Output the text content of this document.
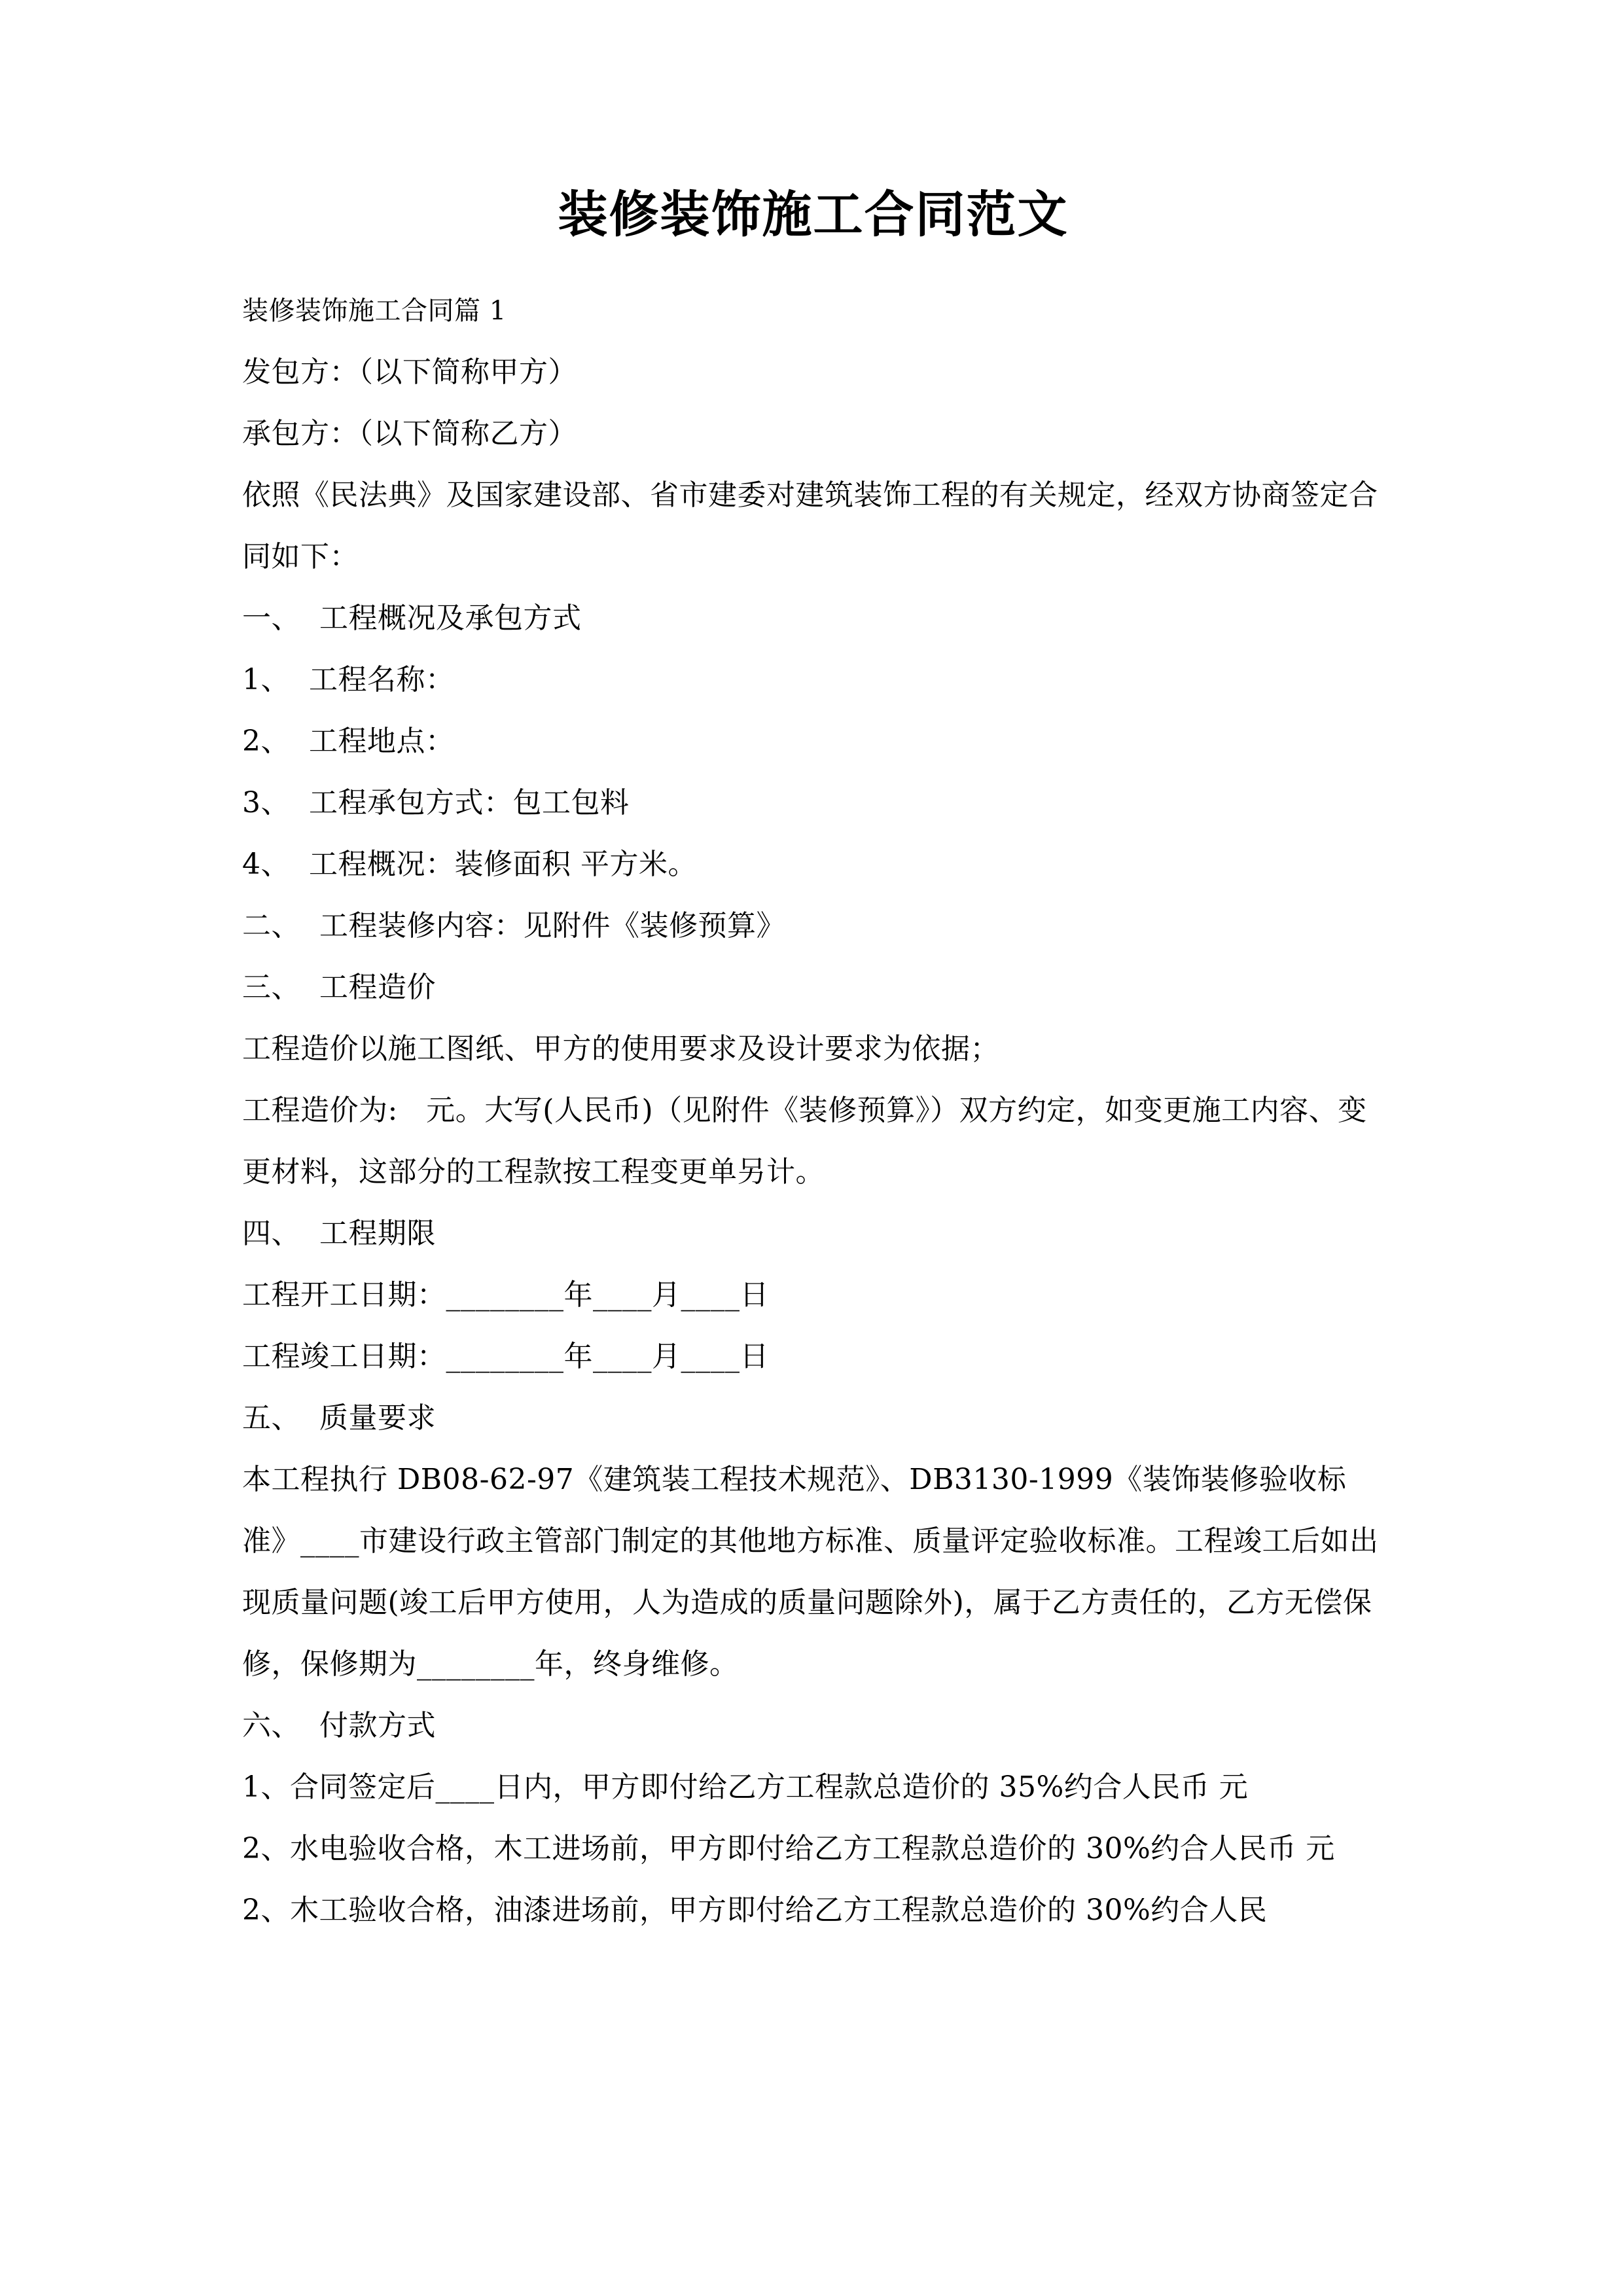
装修装饰施工合同范文

装修装饰施工合同篇 1

发包方：（以下简称甲方）

承包方：（以下简称乙方）

依照《民法典》及国家建设部、省市建委对建筑装饰工程的有关规定，经双方协商签定合同如下：

一、  工程概况及承包方式

1、  工程名称：

2、  工程地点：

3、  工程承包方式：包工包料

4、  工程概况：装修面积 平方米。

二、  工程装修内容：见附件《装修预算》

三、  工程造价

工程造价以施工图纸、甲方的使用要求及设计要求为依据；

工程造价为:   元。大写(人民币)（见附件《装修预算》）双方约定，如变更施工内容、变更材料，这部分的工程款按工程变更单另计。

四、  工程期限

工程开工日期：________年____月____日

工程竣工日期：________年____月____日

五、  质量要求

本工程执行 DB08-62-97《建筑装工程技术规范》、DB3130-1999《装饰装修验收标准》____市建设行政主管部门制定的其他地方标准、质量评定验收标准。工程竣工后如出现质量问题(竣工后甲方使用，人为造成的质量问题除外)，属于乙方责任的，乙方无偿保修，保修期为________年，终身维修。

六、  付款方式

1、合同签定后____日内，甲方即付给乙方工程款总造价的 35%约合人民币 元

2、水电验收合格，木工进场前，甲方即付给乙方工程款总造价的 30%约合人民币 元

2、木工验收合格，油漆进场前，甲方即付给乙方工程款总造价的 30%约合人民
